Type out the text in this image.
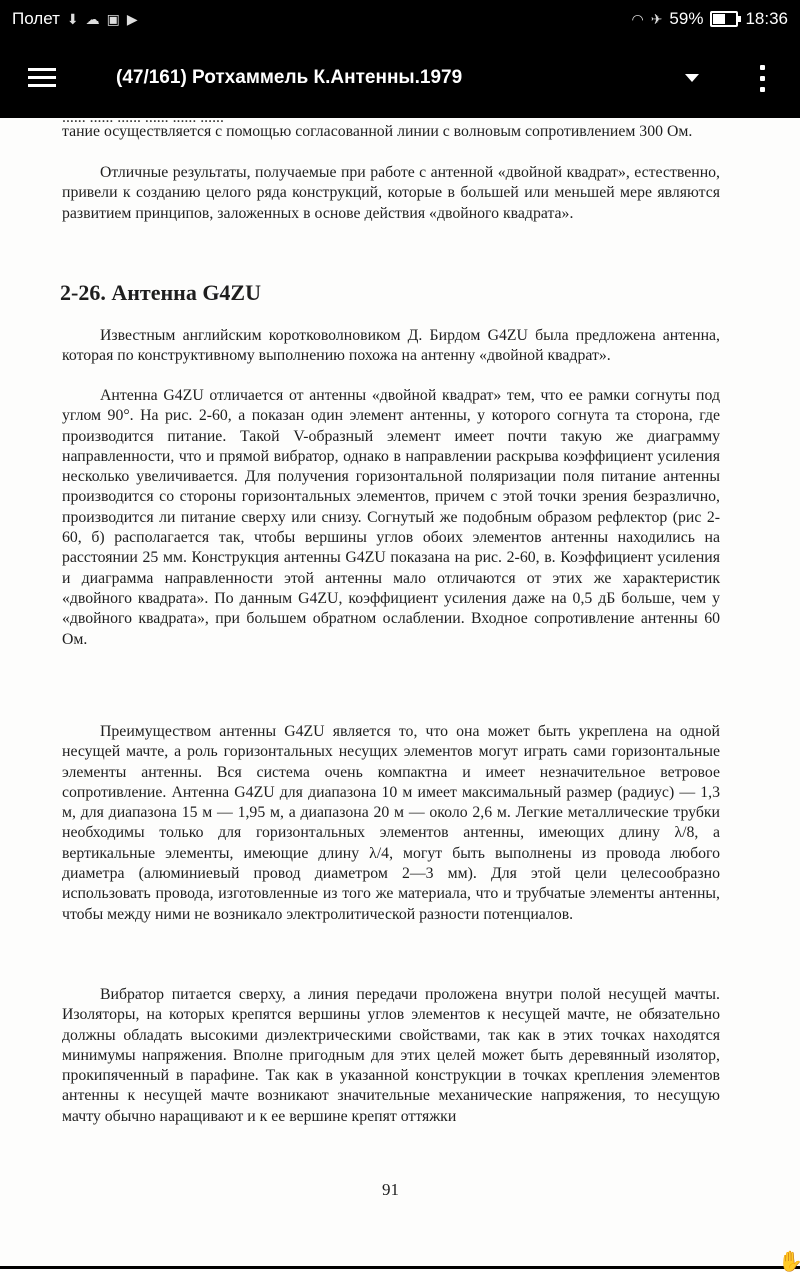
Полет ⬇ ☁ ▣ ▶	◠ ✈ 59% 18:36
(47/161) Ротхаммель К.Антенны.1979
...... ...... ...... ...... ...... ......

тание осуществляется с помощью согласованной линии с волновым сопротивлением 300 Ом.

Отличные результаты, получаемые при работе с антенной «двойной квадрат», естественно, привели к созданию целого ряда конструкций, которые в большей или меньшей мере являются развитием принципов, заложенных в основе действия «двойного квадрата».

2-26. Антенна G4ZU

Известным английским коротковолновиком Д. Бирдом G4ZU была предложена антенна, которая по конструктивному выполнению похожа на антенну «двойной квадрат».

Антенна G4ZU отличается от антенны «двойной квадрат» тем, что ее рамки согнуты под углом 90°. На рис. 2-60, а показан один элемент антенны, у которого согнута та сторона, где производится питание. Такой V-образный элемент имеет почти такую же диаграмму направленности, что и прямой вибратор, однако в направлении раскрыва коэффициент усиления несколько увеличивается. Для получения горизонтальной поляризации поля питание антенны производится со стороны горизонтальных элементов, причем с этой точки зрения безразлично, производится ли питание сверху или снизу. Согнутый же подобным образом рефлектор (рис 2-60, б) располагается так, чтобы вершины углов обоих элементов антенны находились на расстоянии 25 мм. Конструкция антенны G4ZU показана на рис. 2-60, в. Коэффициент усиления и диаграмма направленности этой антенны мало отличаются от этих же характеристик «двойного квадрата». По данным G4ZU, коэффициент усиления даже на 0,5 дБ больше, чем у «двойного квадрата», при большем обратном ослаблении. Входное сопротивление антенны 60 Ом.

Преимуществом антенны G4ZU является то, что она может быть укреплена на одной несущей мачте, а роль горизонтальных несущих элементов могут играть сами горизонтальные элементы антенны. Вся система очень компактна и имеет незначительное ветровое сопротивление. Антенна G4ZU для диапазона 10 м имеет максимальный размер (радиус) — 1,3 м, для диапазона 15 м — 1,95 м, а диапазона 20 м — около 2,6 м. Легкие металлические трубки необходимы только для горизонтальных элементов антенны, имеющих длину λ/8, а вертикальные элементы, имеющие длину λ/4, могут быть выполнены из провода любого диаметра (алюминиевый провод диаметром 2—3 мм). Для этой цели целесообразно использовать провода, изготовленные из того же материала, что и трубчатые элементы антенны, чтобы между ними не возникало электролитической разности потенциалов.

Вибратор питается сверху, а линия передачи проложена внутри полой несущей мачты. Изоляторы, на которых крепятся вершины углов элементов к несущей мачте, не обязательно должны обладать высокими диэлектрическими свойствами, так как в этих точках находятся минимумы напряжения. Вполне пригодным для этих целей может быть деревянный изолятор, прокипяченный в парафине. Так как в указанной конструкции в точках крепления элементов антенны к несущей мачте возникают значительные механические напряжения, то несущую мачту обычно наращивают и к ее вершине крепят оттяжки

91
✋
